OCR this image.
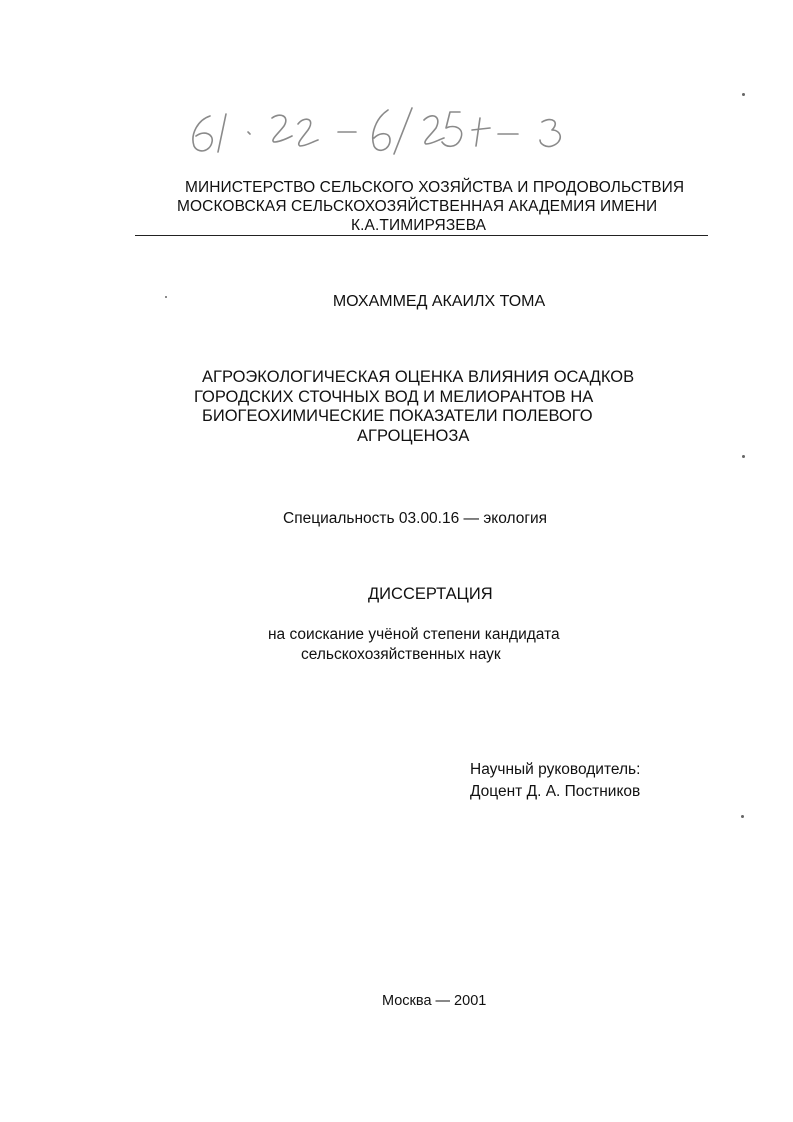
МИНИСТЕРСТВО СЕЛЬСКОГО ХОЗЯЙСТВА И ПРОДОВОЛЬСТВИЯ
МОСКОВСКАЯ СЕЛЬСКОХОЗЯЙСТВЕННАЯ АКАДЕМИЯ ИМЕНИ
К.А.ТИМИРЯЗЕВА
МОХАММЕД АКАИЛХ ТОМА
АГРОЭКОЛОГИЧЕСКАЯ ОЦЕНКА ВЛИЯНИЯ ОСАДКОВ
ГОРОДСКИХ СТОЧНЫХ ВОД И МЕЛИОРАНТОВ НА
БИОГЕОХИМИЧЕСКИЕ ПОКАЗАТЕЛИ ПОЛЕВОГО
АГРОЦЕНОЗА
Специальность 03.00.16 — экология
ДИССЕРТАЦИЯ
на соискание учёной степени кандидата
сельскохозяйственных наук
Научный руководитель:
Доцент Д. А. Постников
Москва — 2001
